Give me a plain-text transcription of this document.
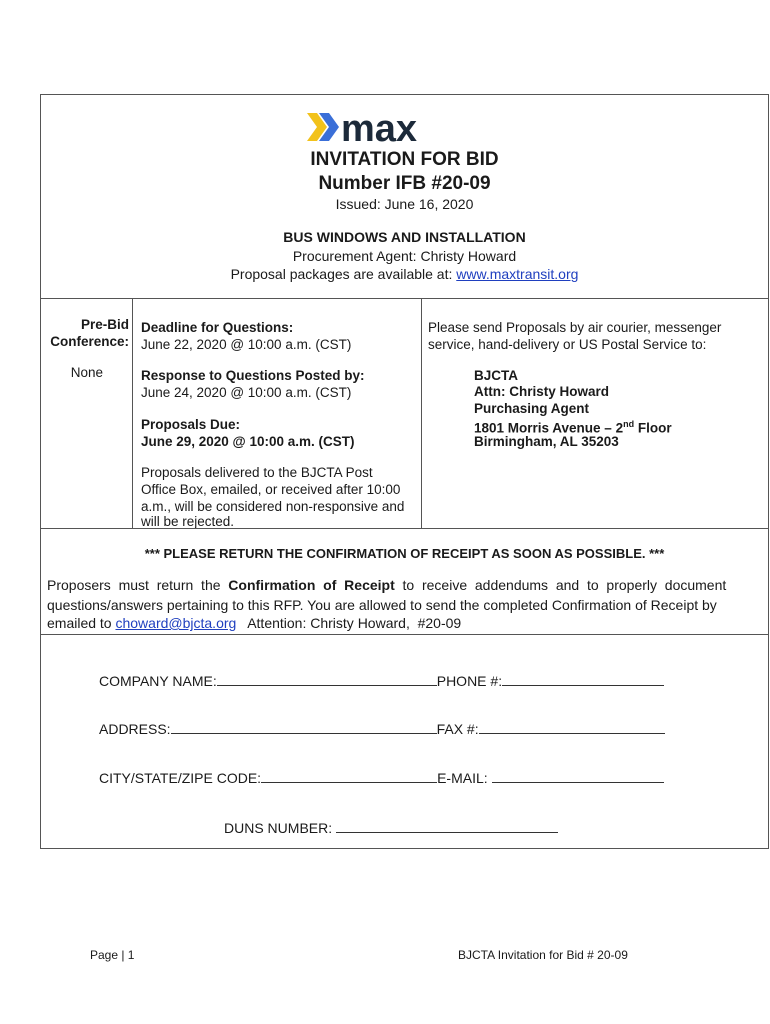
max
INVITATION FOR BID
Number IFB #20-09
Issued: June 16, 2020
BUS WINDOWS AND INSTALLATION
Procurement Agent: Christy Howard
Proposal packages are available at: www.maxtransit.org
Pre-Bid
Conference:
None
Deadline for Questions:
June 22, 2020 @ 10:00 a.m. (CST)
Response to Questions Posted by:
June 24, 2020 @ 10:00 a.m. (CST)
Proposals Due:
June 29, 2020 @ 10:00 a.m. (CST)
Proposals delivered to the BJCTA Post
Office Box, emailed, or received after 10:00
a.m., will be considered non-responsive and
will be rejected.
Please send Proposals by air courier, messenger
service, hand-delivery or US Postal Service to:
BJCTA
Attn: Christy Howard
Purchasing Agent
1801 Morris Avenue – 2nd Floor
Birmingham, AL 35203
*** PLEASE RETURN THE CONFIRMATION OF RECEIPT AS SOON AS POSSIBLE. ***
Proposers  must  return  the  Confirmation  of  Receipt  to  receive  addendums  and  to  properly  document
questions/answers pertaining to this RFP. You are allowed to send the completed Confirmation of Receipt by
emailed to choward@bjcta.org   Attention: Christy Howard,  #20-09
COMPANY NAME:	PHONE #:
ADDRESS:	FAX #:
CITY/STATE/ZIPE CODE:	E-MAIL:
DUNS NUMBER:
Page | 1	BJCTA Invitation for Bid # 20-09
